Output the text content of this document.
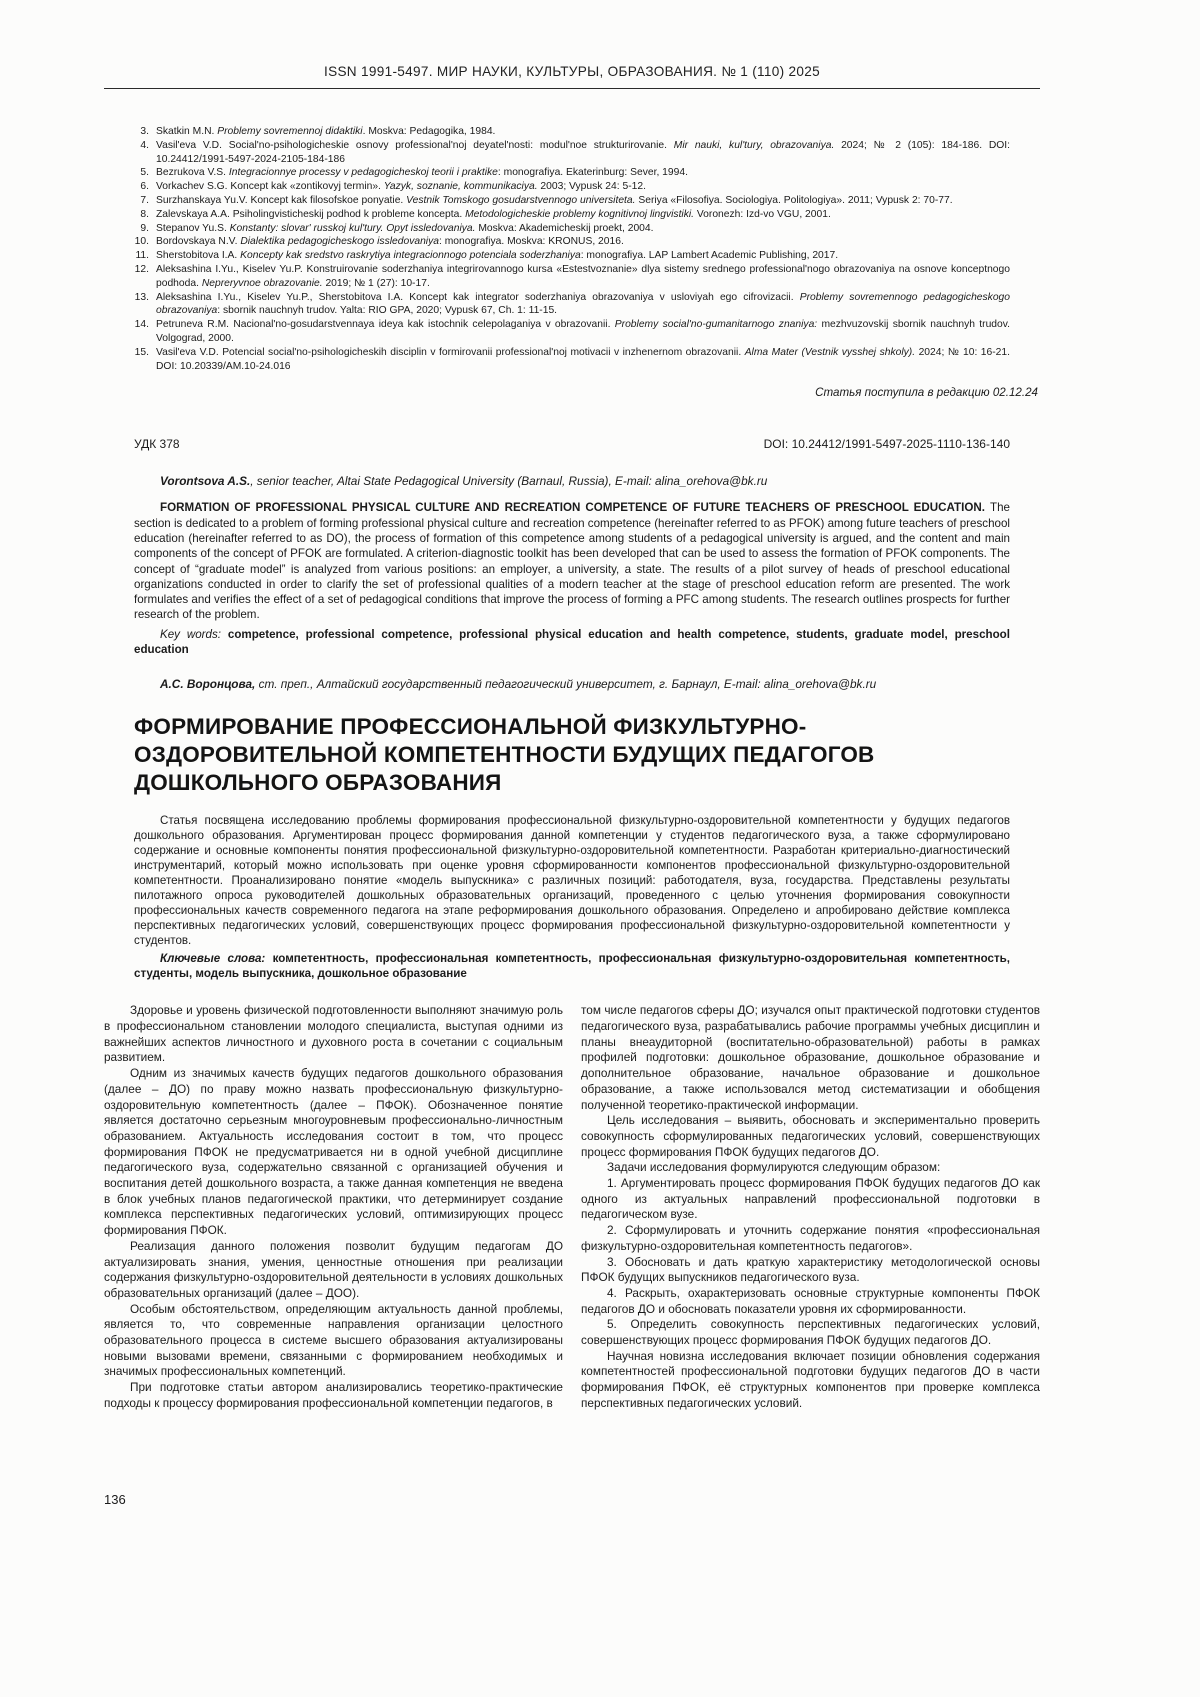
ISSN 1991-5497. МИР НАУКИ, КУЛЬТУРЫ, ОБРАЗОВАНИЯ. № 1 (110) 2025
3. Skatkin M.N. Problemy sovremennoj didaktiki. Moskva: Pedagogika, 1984.
4. Vasil'eva V.D. Social'no-psihologicheskie osnovy professional'noj deyatel'nosti: modul'noe strukturirovanie. Mir nauki, kul'tury, obrazovaniya. 2024; № 2 (105): 184-186. DOI: 10.24412/1991-5497-2024-2105-184-186
5. Bezrukova V.S. Integracionnye processy v pedagogicheskoj teorii i praktike: monografiya. Ekaterinburg: Sever, 1994.
6. Vorkachev S.G. Koncept kak «zontikovyj termin». Yazyk, soznanie, kommunikaciya. 2003; Vypusk 24: 5-12.
7. Surzhanskaya Yu.V. Koncept kak filosofskoe ponyatie. Vestnik Tomskogo gosudarstvennogo universiteta. Seriya «Filosofiya. Sociologiya. Politologiya». 2011; Vypusk 2: 70-77.
8. Zalevskaya A.A. Psiholingvisticheskij podhod k probleme koncepta. Metodologicheskie problemy kognitivnoj lingvistiki. Voronezh: Izd-vo VGU, 2001.
9. Stepanov Yu.S. Konstanty: slovar' russkoj kul'tury. Opyt issledovaniya. Moskva: Akademicheskij proekt, 2004.
10. Bordovskaya N.V. Dialektika pedagogicheskogo issledovaniya: monografiya. Moskva: KRONUS, 2016.
11. Sherstobitova I.A. Koncepty kak sredstvo raskrytiya integracionnogo potenciala soderzhaniya: monografiya. LAP Lambert Academic Publishing, 2017.
12. Aleksashina I.Yu., Kiselev Yu.P. Konstruirovanie soderzhaniya integrirovannogo kursa «Estestvoznanie» dlya sistemy srednego professional'nogo obrazovaniya na osnove konceptnogo podhoda. Nepreryvnoe obrazovanie. 2019; № 1 (27): 10-17.
13. Aleksashina I.Yu., Kiselev Yu.P., Sherstobitova I.A. Koncept kak integrator soderzhaniya obrazovaniya v usloviyah ego cifrovizacii. Problemy sovremennogo pedagogicheskogo obrazovaniya: sbornik nauchnyh trudov. Yalta: RIO GPA, 2020; Vypusk 67, Ch. 1: 11-15.
14. Petruneva R.M. Nacional'no-gosudarstvennaya ideya kak istochnik celepolaganiya v obrazovanii. Problemy social'no-gumanitarnogo znaniya: mezhvuzovskij sbornik nauchnyh trudov. Volgograd, 2000.
15. Vasil'eva V.D. Potencial social'no-psihologicheskih disciplin v formirovanii professional'noj motivacii v inzhenernom obrazovanii. Alma Mater (Vestnik vysshej shkoly). 2024; № 10: 16-21. DOI: 10.20339/AM.10-24.016
Статья поступила в редакцию 02.12.24
УДК 378	DOI: 10.24412/1991-5497-2025-1110-136-140

Vorontsova A.S., senior teacher, Altai State Pedagogical University (Barnaul, Russia), E-mail: alina_orehova@bk.ru

FORMATION OF PROFESSIONAL PHYSICAL CULTURE AND RECREATION COMPETENCE OF FUTURE TEACHERS OF PRESCHOOL EDUCATION. The section is dedicated to a problem of forming professional physical culture and recreation competence (hereinafter referred to as PFOK) among future teachers of preschool education (hereinafter referred to as DO), the process of formation of this competence among students of a pedagogical university is argued, and the content and main components of the concept of PFOK are formulated. A criterion-diagnostic toolkit has been developed that can be used to assess the formation of PFOK components. The concept of “graduate model” is analyzed from various positions: an employer, a university, a state. The results of a pilot survey of heads of preschool educational organizations conducted in order to clarify the set of professional qualities of a modern teacher at the stage of preschool education reform are presented. The work formulates and verifies the effect of a set of pedagogical conditions that improve the process of forming a PFC among students. The research outlines prospects for further research of the problem.

Key words: competence, professional competence, professional physical education and health competence, students, graduate model, preschool education

А.С. Воронцова, ст. преп., Алтайский государственный педагогический университет, г. Барнаул, E-mail: alina_orehova@bk.ru

ФОРМИРОВАНИЕ ПРОФЕССИОНАЛЬНОЙ ФИЗКУЛЬТУРНО-ОЗДОРОВИТЕЛЬНОЙ КОМПЕТЕНТНОСТИ БУДУЩИХ ПЕДАГОГОВ ДОШКОЛЬНОГО ОБРАЗОВАНИЯ

Статья посвящена исследованию проблемы формирования профессиональной физкультурно-оздоровительной компетентности у будущих педагогов дошкольного образования. Аргументирован процесс формирования данной компетенции у студентов педагогического вуза, а также сформулировано содержание и основные компоненты понятия профессиональной физкультурно-оздоровительной компетентности. Разработан критериально-диагностический инструментарий, который можно использовать при оценке уровня сформированности компонентов профессиональной физкультурно-оздоровительной компетентности. Проанализировано понятие «модель выпускника» с различных позиций: работодателя, вуза, государства. Представлены результаты пилотажного опроса руководителей дошкольных образовательных организаций, проведенного с целью уточнения формирования совокупности профессиональных качеств современного педагога на этапе реформирования дошкольного образования. Определено и апробировано действие комплекса перспективных педагогических условий, совершенствующих процесс формирования профессиональной физкультурно-оздоровительной компетентности у студентов.

Ключевые слова: компетентность, профессиональная компетентность, профессиональная физкультурно-оздоровительная компетентность, студенты, модель выпускника, дошкольное образование

Здоровье и уровень физической подготовленности выполняют значимую роль в профессиональном становлении молодого специалиста, выступая одними из важнейших аспектов личностного и духовного роста в сочетании с социальным развитием.

Одним из значимых качеств будущих педагогов дошкольного образования (далее – ДО) по праву можно назвать профессиональную физкультурно-оздоровительную компетентность (далее – ПФОК). Обозначенное понятие является достаточно серьезным многоуровневым профессионально-личностным образованием. Актуальность исследования состоит в том, что процесс формирования ПФОК не предусматривается ни в одной учебной дисциплине педагогического вуза, содержательно связанной с организацией обучения и воспитания детей дошкольного возраста, а также данная компетенция не введена в блок учебных планов педагогической практики, что детерминирует создание комплекса перспективных педагогических условий, оптимизирующих процесс формирования ПФОК.

Реализация данного положения позволит будущим педагогам ДО актуализировать знания, умения, ценностные отношения при реализации содержания физкультурно-оздоровительной деятельности в условиях дошкольных образовательных организаций (далее – ДОО).

Особым обстоятельством, определяющим актуальность данной проблемы, является то, что современные направления организации целостного образовательного процесса в системе высшего образования актуализированы новыми вызовами времени, связанными с формированием необходимых и значимых профессиональных компетенций.

При подготовке статьи автором анализировались теоретико-практические подходы к процессу формирования профессиональной компетенции педагогов, в

том числе педагогов сферы ДО; изучался опыт практической подготовки студентов педагогического вуза, разрабатывались рабочие программы учебных дисциплин и планы внеаудиторной (воспитательно-образовательной) работы в рамках профилей подготовки: дошкольное образование, дошкольное образование и дополнительное образование, начальное образование и дошкольное образование, а также использовался метод систематизации и обобщения полученной теоретико-практической информации.

Цель исследования – выявить, обосновать и экспериментально проверить совокупность сформулированных педагогических условий, совершенствующих процесс формирования ПФОК будущих педагогов ДО.

Задачи исследования формулируются следующим образом:

1. Аргументировать процесс формирования ПФОК будущих педагогов ДО как одного из актуальных направлений профессиональной подготовки в педагогическом вузе.

2. Сформулировать и уточнить содержание понятия «профессиональная физкультурно-оздоровительная компетентность педагогов».

3. Обосновать и дать краткую характеристику методологической основы ПФОК будущих выпускников педагогического вуза.

4. Раскрыть, охарактеризовать основные структурные компоненты ПФОК педагогов ДО и обосновать показатели уровня их сформированности.

5. Определить совокупность перспективных педагогических условий, совершенствующих процесс формирования ПФОК будущих педагогов ДО.

Научная новизна исследования включает позиции обновления содержания компетентностей профессиональной подготовки будущих педагогов ДО в части формирования ПФОК, её структурных компонентов при проверке комплекса перспективных педагогических условий.

136
